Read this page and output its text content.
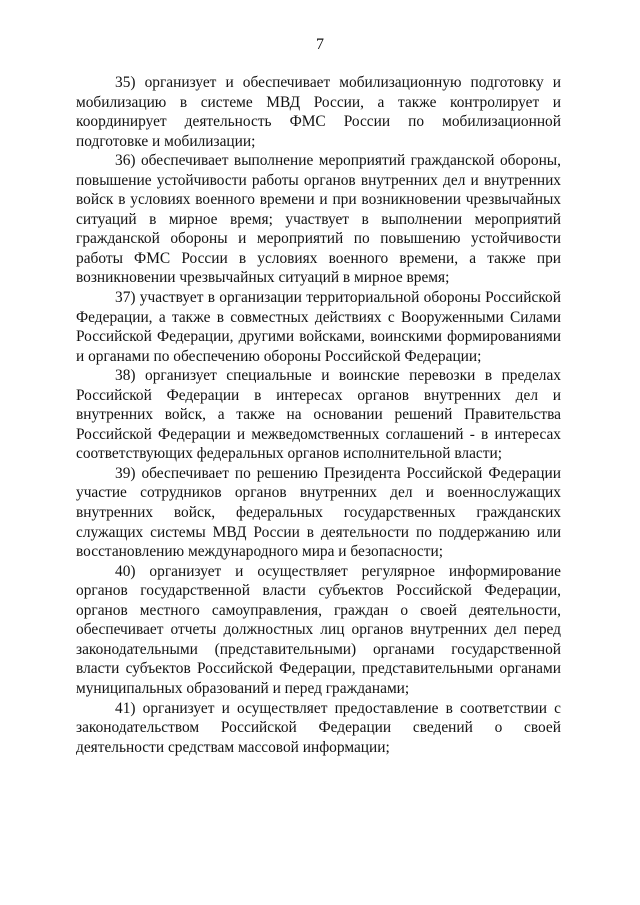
7

35) организует и обеспечивает мобилизационную подготовку и мобилизацию в системе МВД России, а также контролирует и координирует деятельность ФМС России по мобилизационной подготовке и мобилизации;

36) обеспечивает выполнение мероприятий гражданской обороны, повышение устойчивости работы органов внутренних дел и внутренних войск в условиях военного времени и при возникновении чрезвычайных ситуаций в мирное время; участвует в выполнении мероприятий гражданской обороны и мероприятий по повышению устойчивости работы ФМС России в условиях военного времени, а также при возникновении чрезвычайных ситуаций в мирное время;

37) участвует в организации территориальной обороны Российской Федерации, а также в совместных действиях с Вооруженными Силами Российской Федерации, другими войсками, воинскими формированиями и органами по обеспечению обороны Российской Федерации;

38) организует специальные и воинские перевозки в пределах Российской Федерации в интересах органов внутренних дел и внутренних войск, а также на основании решений Правительства Российской Федерации и межведомственных соглашений - в интересах соответствующих федеральных органов исполнительной власти;

39) обеспечивает по решению Президента Российской Федерации участие сотрудников органов внутренних дел и военнослужащих внутренних войск, федеральных государственных гражданских служащих системы МВД России в деятельности по поддержанию или восстановлению международного мира и безопасности;

40) организует и осуществляет регулярное информирование органов государственной власти субъектов Российской Федерации, органов местного самоуправления, граждан о своей деятельности, обеспечивает отчеты должностных лиц органов внутренних дел перед законодательными (представительными) органами государственной власти субъектов Российской Федерации, представительными органами муниципальных образований и перед гражданами;

41) организует и осуществляет предоставление в соответствии с законодательством Российской Федерации сведений о своей деятельности средствам массовой информации;
